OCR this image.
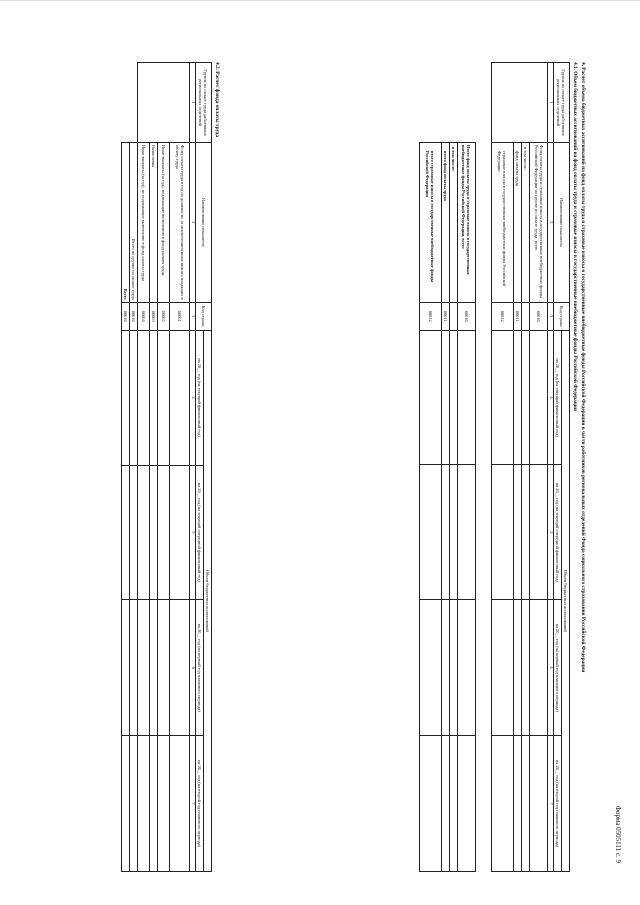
Форма 0505111 с. 9
4. Расчет объема бюджетных ассигнований на фонд оплаты труда и страховые взносы в государственные внебюджетные фонды Российской Федерации в части работников региональных отделений Фонда социального страхования Российской Федерации
4.1. Объем бюджетных ассигнований на фонд оплаты труда и страховые взносы в государственные внебюджетные фонды Российской Федерации
Группа по оплате труда работников региональных отделений	Наименование показателя	Код строки	Объем бюджетных ассигнований			
			на 20__ год (на текущий финансовый год)	на 20__ год (на текущий очередной финансовый год)	на 20__ год (на первый год планового периода)	на 20__ год (на второй год планового периода)
1	2	3	4	5	6	7
	Фонд оплаты труда и страховые взносы в государственные внебюджетные фонды Российской Федерации по группе по оплате труда, всего	00010				
	в том числе:					
	фонд оплаты труда	00011				
	страховые взносы в государственные внебюджетные фонды Российской Федерации	00012				

	Итого фонд оплаты труда и страховые взносы в государственные внебюджетные фонды Российской Федерации, всего	00010				
	в том числе:					
	итого фонд оплаты труда	00011				
	итого страховые взносы в государственные внебюджетные фонды Российской Федерации	00012				
4.2. Расчет фонда оплаты труда
Группа по оплате труда работников региональных отделений	Наименование показателя	Код строки	Объем бюджетных ассигнований			
			на 20__ год (на текущий финансовый год)	на 20__ год (на текущий очередной финансовый год)	на 20__ год (на первый год планового периода)	на 20__ год (на второй год планового периода)
1	2	3	4	5	6	7
	Фонд оплаты труда в год по должности, за исключением иных выплат, входящих в оплату труда	00001				
	Иные выплаты (за год), подлежащие включению в фонд оплаты труда	00002				
	Начисления	00003				
	Иные выплаты (за год), не подлежащие включению в фонд оплаты труда	00004				
	Итого по группе по оплате труда	00010				
	Всего	00010				
